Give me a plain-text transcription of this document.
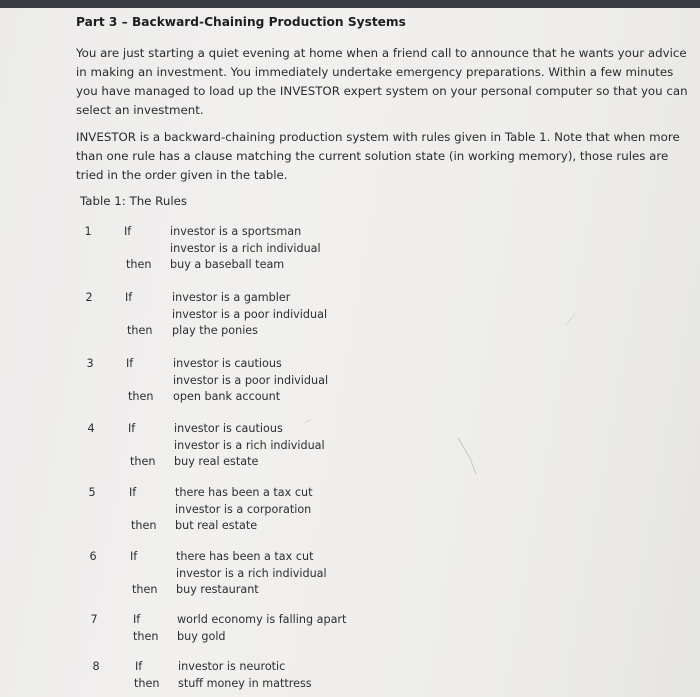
Part 3 – Backward-Chaining Production Systems
You are just starting a quiet evening at home when a friend call to announce that he wants your advice
in making an investment. You immediately undertake emergency preparations. Within a few minutes
you have managed to load up the INVESTOR expert system on your personal computer so that you can
select an investment.
INVESTOR is a backward-chaining production system with rules given in Table 1. Note that when more
than one rule has a clause matching the current solution state (in working memory), those rules are
tried in the order given in the table.
Table 1: The Rules
1	If	investor is a sportsman
investor is a rich individual
then buy a baseball team
2	If	investor is a gambler
investor is a poor individual
then play the ponies
3	If	investor is cautious
investor is a poor individual
then open bank account
4	If	investor is cautious
investor is a rich individual
then buy real estate
5	If	there has been a tax cut
investor is a corporation
then but real estate
6	If	there has been a tax cut
investor is a rich individual
then buy restaurant
7	If	world economy is falling apart
then buy gold
8	If	investor is neurotic
then stuff money in mattress
